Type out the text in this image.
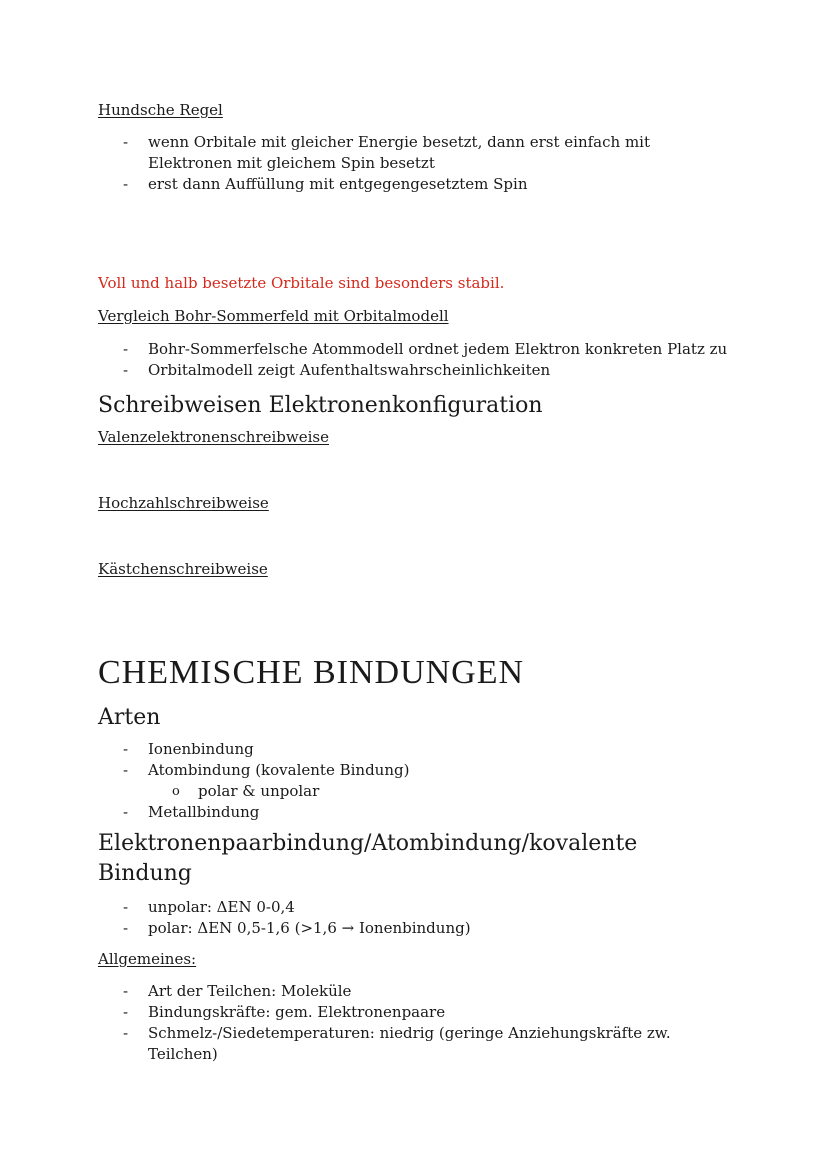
Hundsche Regel

- wenn Orbitale mit gleicher Energie besetzt, dann erst einfach mit Elektronen mit gleichem Spin besetzt
- erst dann Auffüllung mit entgegengesetztem Spin

Voll und halb besetzte Orbitale sind besonders stabil.

Vergleich Bohr-Sommerfeld mit Orbitalmodell

- Bohr-Sommerfelsche Atommodell ordnet jedem Elektron konkreten Platz zu
- Orbitalmodell zeigt Aufenthaltswahrscheinlichkeiten
Schreibweisen Elektronenkonfiguration

Valenzelektronenschreibweise

Hochzahlschreibweise

Kästchenschreibweise

CHEMISCHE BINDUNGEN
Arten
- Ionenbindung
- Atombindung (kovalente Bindung)
o polar & unpolar
- Metallbindung
Elektronenpaarbindung/Atombindung/kovalente Bindung
- unpolar: ΔEN 0-0,4
- polar: ΔEN 0,5-1,6 (>1,6 → Ionenbindung)

Allgemeines:

- Art der Teilchen: Moleküle
- Bindungskräfte: gem. Elektronenpaare
- Schmelz-/Siedetemperaturen: niedrig (geringe Anziehungskräfte zw. Teilchen)
